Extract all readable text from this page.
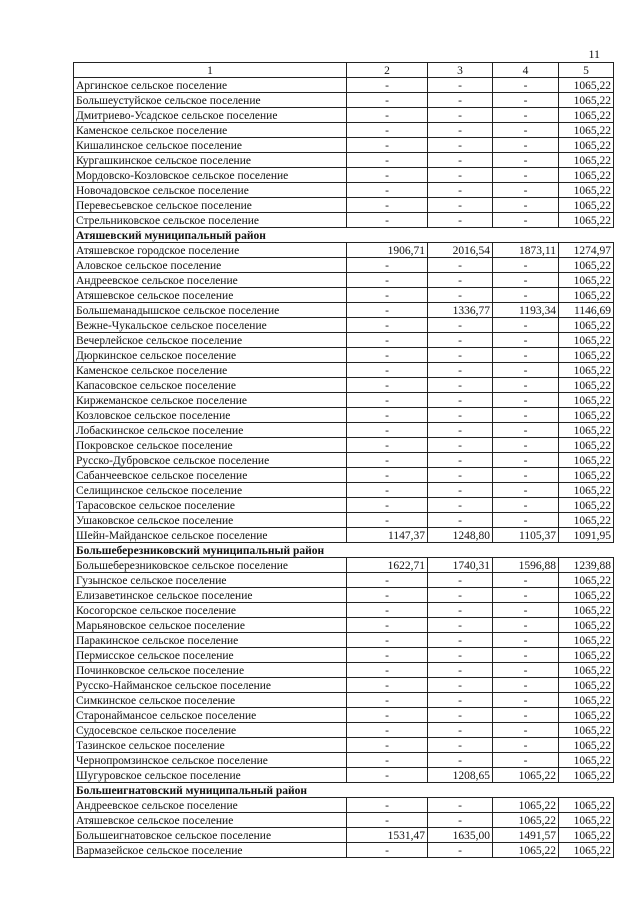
11
1	2	3	4	5
Аргинское сельское поселение	-	-	-	1065,22
Большеустуйское сельское поселение	-	-	-	1065,22
Дмитриево-Усадское сельское поселение	-	-	-	1065,22
Каменское сельское поселение	-	-	-	1065,22
Кишалинское сельское поселение	-	-	-	1065,22
Кургашкинское сельское поселение	-	-	-	1065,22
Мордовско-Козловское сельское поселение	-	-	-	1065,22
Новочадовское сельское поселение	-	-	-	1065,22
Перевесьевское сельское поселение	-	-	-	1065,22
Стрельниковское сельское поселение	-	-	-	1065,22
Атяшевский муниципальный район				
Атяшевское городское поселение	1906,71	2016,54	1873,11	1274,97
Аловское сельское поселение	-	-	-	1065,22
Андреевское сельское поселение	-	-	-	1065,22
Атяшевское сельское поселение	-	-	-	1065,22
Большеманадышское сельское поселение	-	1336,77	1193,34	1146,69
Вежне-Чукальское сельское поселение	-	-	-	1065,22
Вечерлейское сельское поселение	-	-	-	1065,22
Дюркинское сельское поселение	-	-	-	1065,22
Каменское сельское поселение	-	-	-	1065,22
Капасовское сельское поселение	-	-	-	1065,22
Киржеманское сельское поселение	-	-	-	1065,22
Козловское сельское поселение	-	-	-	1065,22
Лобаскинское сельское поселение	-	-	-	1065,22
Покровское сельское поселение	-	-	-	1065,22
Русско-Дубровское сельское поселение	-	-	-	1065,22
Сабанчеевское сельское поселение	-	-	-	1065,22
Селищинское сельское поселение	-	-	-	1065,22
Тарасовское сельское поселение	-	-	-	1065,22
Ушаковское сельское поселение	-	-	-	1065,22
Шейн-Майданское сельское поселение	1147,37	1248,80	1105,37	1091,95
Большеберезниковский муниципальный район				
Большеберезниковское сельское поселение	1622,71	1740,31	1596,88	1239,88
Гузынское сельское поселение	-	-	-	1065,22
Елизаветинское сельское поселение	-	-	-	1065,22
Косогорское сельское поселение	-	-	-	1065,22
Марьяновское сельское поселение	-	-	-	1065,22
Паракинское сельское поселение	-	-	-	1065,22
Пермисское сельское поселение	-	-	-	1065,22
Починковское сельское поселение	-	-	-	1065,22
Русско-Найманское сельское поселение	-	-	-	1065,22
Симкинское сельское поселение	-	-	-	1065,22
Старонаймансое сельское поселение	-	-	-	1065,22
Судосевское сельское поселение	-	-	-	1065,22
Тазинское сельское поселение	-	-	-	1065,22
Чернопромзинское сельское поселение	-	-	-	1065,22
Шугуровское сельское поселение	-	1208,65	1065,22	1065,22
Большеигнатовский муниципальный район				
Андреевское сельское поселение	-	-	1065,22	1065,22
Атяшевское сельское поселение	-	-	1065,22	1065,22
Большеигнатовское сельское поселение	1531,47	1635,00	1491,57	1065,22
Вармазейское сельское поселение	-	-	1065,22	1065,22
